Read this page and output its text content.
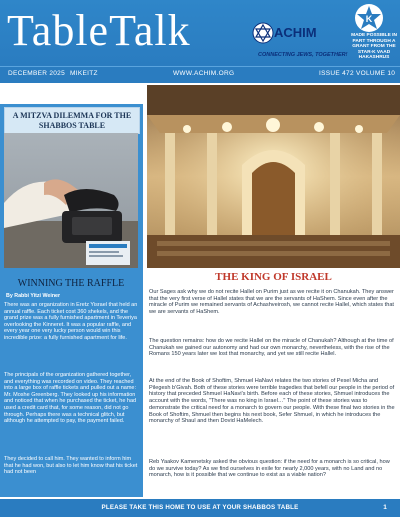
TableTalk	ACHIM
CONNECTING JEWS, TOGETHER!
K
MADE POSSIBLE IN PART THROUGH A GRANT FROM THE STAR-K VAAD HAKASHRUS
DECEMBER 2025 MIKEITZ	WWW.ACHIM.ORG	ISSUE 472 VOLUME 10
A MITZVA DILEMMA FOR THE SHABBOS TABLE
WINNING THE RAFFLE
By Rabbi Yitzi Weiner

There was an organization in Eretz Yisrael that held an annual raffle. Each ticket cost 360 shekels, and the grand prize was a fully furnished apartment in Teveriya overlooking the Kinneret. It was a popular raffle, and every year one very lucky person would win this incredible prize: a fully furnished apartment for life.

The principals of the organization gathered together, and everything was recorded on video. They reached into a large box of raffle tickets and pulled out a name: Mr. Moshe Greenberg. They looked up his information and noticed that when he purchased the ticket, he had used a credit card that, for some reason, did not go through. Perhaps there was a technical glitch, but although he attempted to pay, the payment failed.

They decided to call him. They wanted to inform him that he had won, but also to let him know that his ticket had not been

THE KING OF ISRAEL

Our Sages ask why we do not recite Hallel on Purim just as we recite it on Chanukah. They answer that the very first verse of Hallel states that we are the servants of HaShem. Since even after the miracle of Purim we remained servants of Achashveirosh, we cannot recite Hallel, which states that we are servants of HaShem.

The question remains: how do we recite Hallel on the miracle of Chanukah? Although at the time of Chanukah we gained our autonomy and had our own monarchy, nevertheless, with the rise of the Romans 150 years later we lost that monarchy, and yet we still recite Hallel.

At the end of the Book of Shoftim, Shmuel HaNavi relates the two stories of Pesel Micha and Pilegesh b'Givah. Both of these stories were terrible tragedies that befell our people in the period of history that preceded Shmuel HaNavi's birth. Before each of these stories, Shmuel introduces the account with the words, "There was no king in Israel…" The point of these stories was to demonstrate the critical need for a monarch to govern our people. With these final two stories in the Book of Shoftim, Shmuel then begins his next book, Sefer Shmuel, in which he introduces the monarchy of Shaul and then Dovid HaMelech.

Reb Yaakov Kamenetsky asked the obvious question: if the need for a monarch is so critical, how do we survive today? As we find ourselves in exile for nearly 2,000 years, with no Land and no monarch, how is it possible that we continue to exist as a viable nation?

PLEASE TAKE THIS HOME TO USE AT YOUR SHABBOS TABLE	1
